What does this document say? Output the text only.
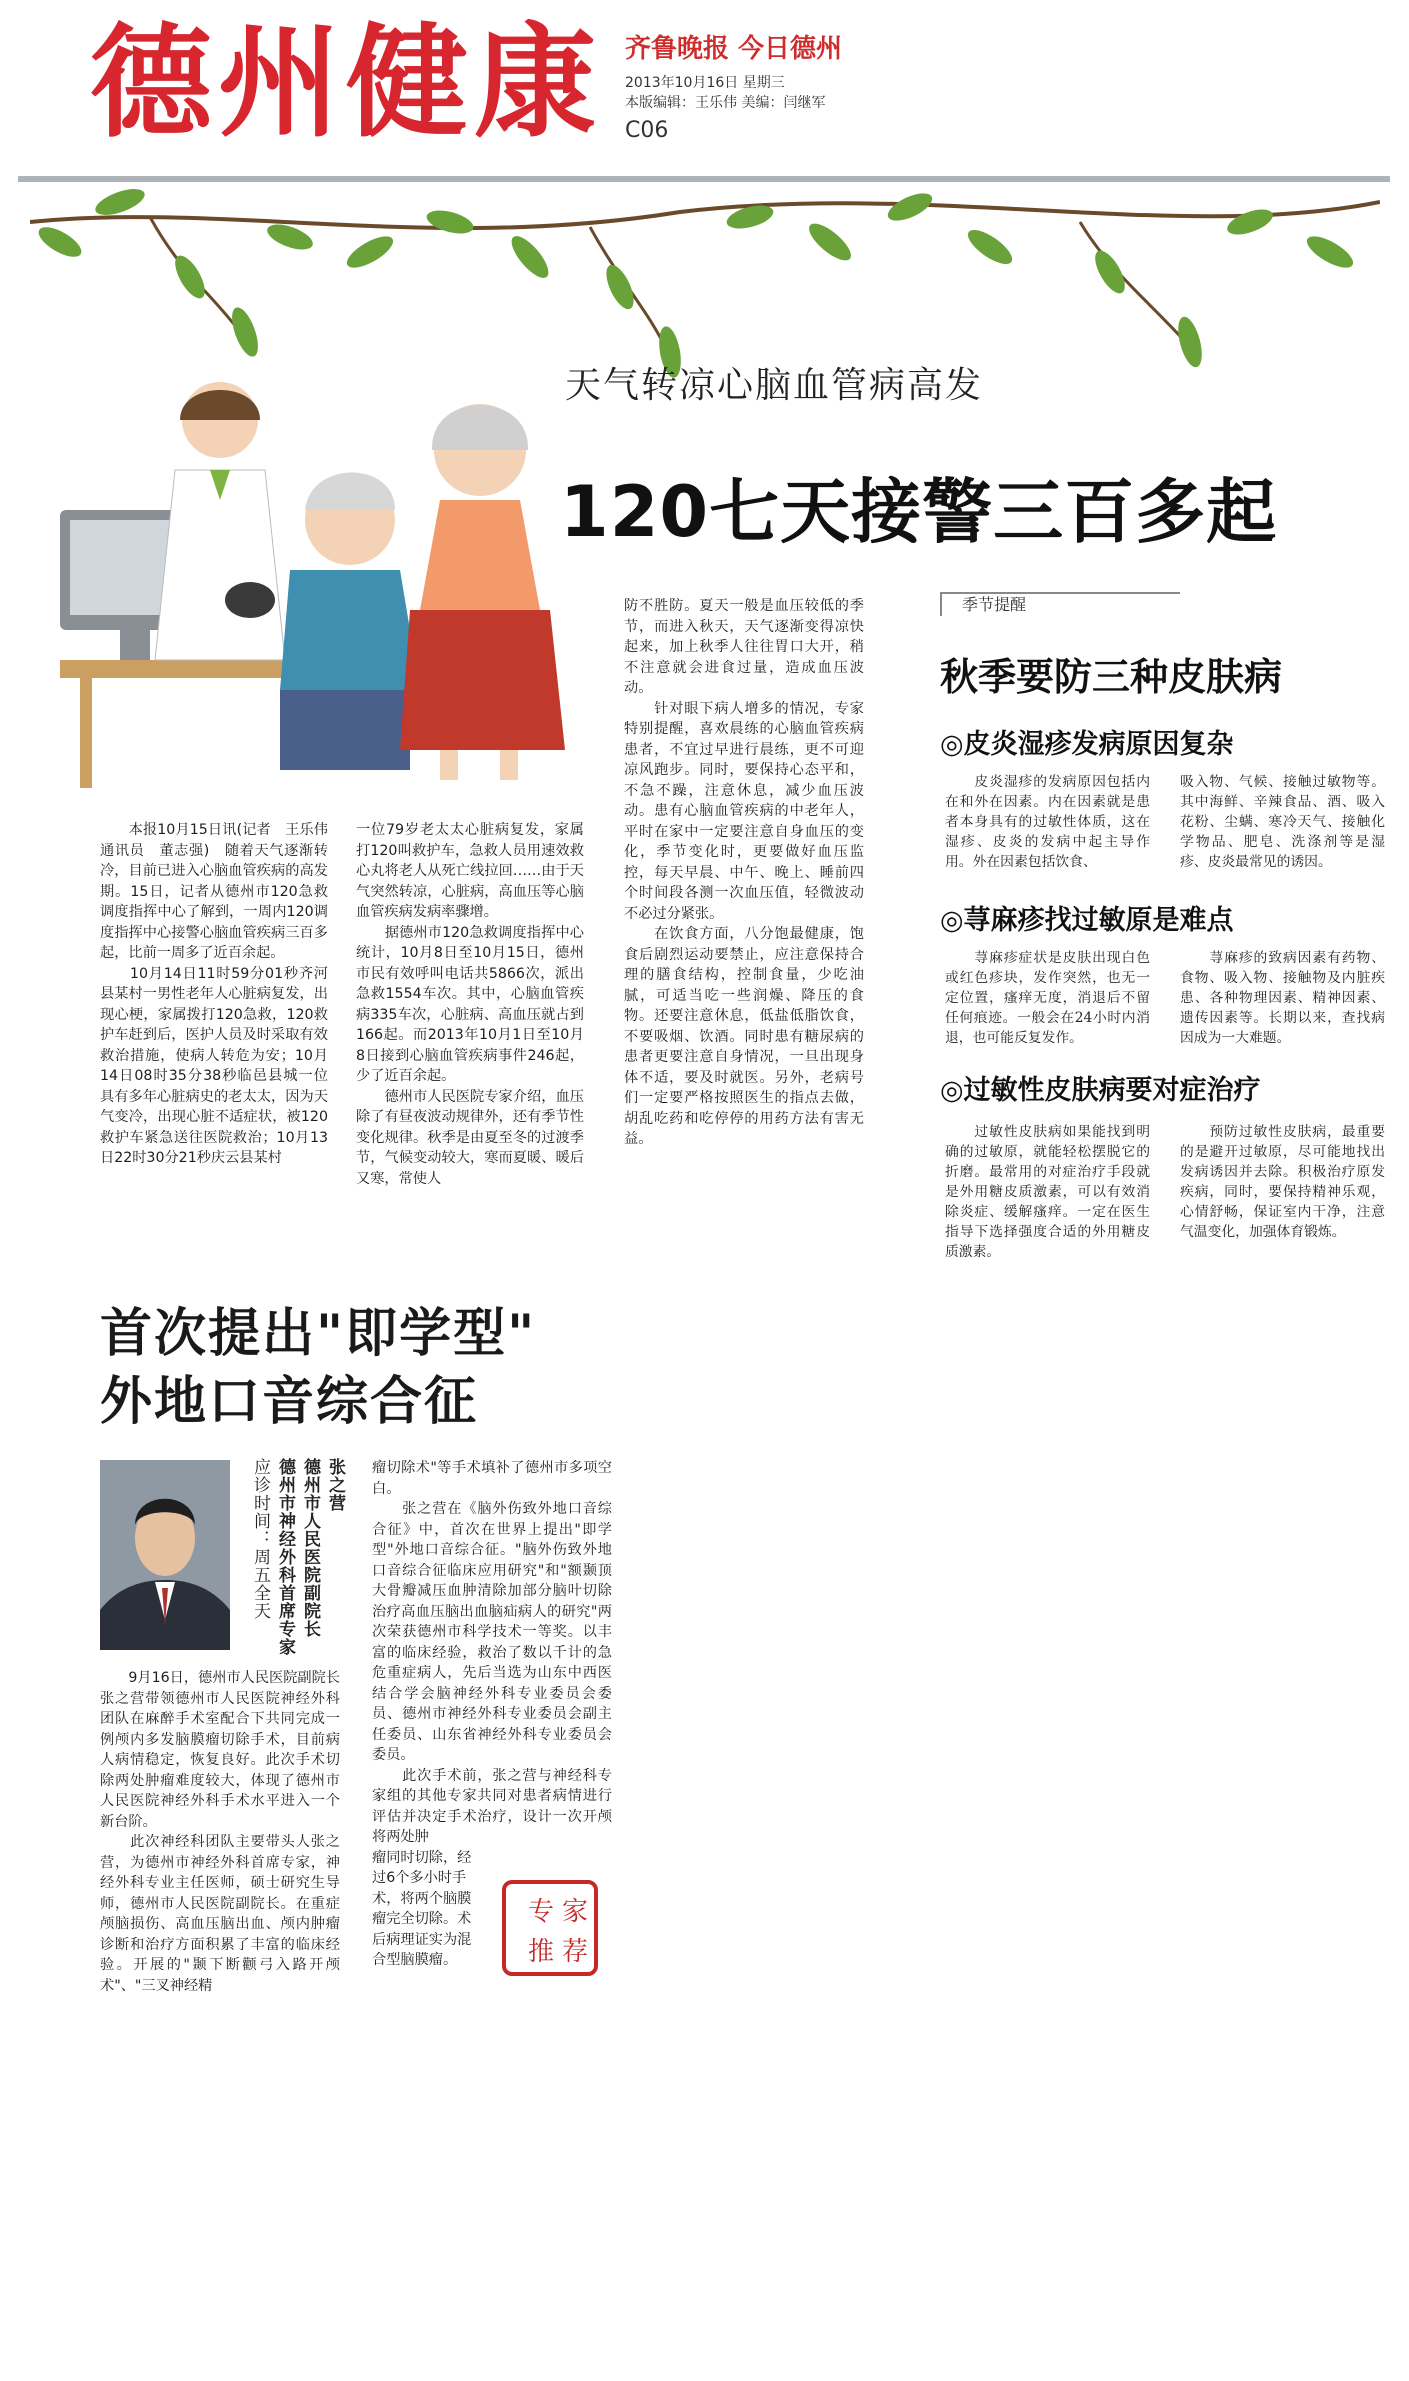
德州健康 齐鲁晚报 今日德州
2013年10月16日 星期三
本版编辑：王乐伟 美编：闫继军
C06
天气转凉心脑血管病高发
120七天接警三百多起
　　本报10月15日讯(记者　王乐伟　通讯员　董志强)　随着天气逐渐转冷，目前已进入心脑血管疾病的高发期。15日，记者从德州市120急救调度指挥中心了解到，一周内120调度指挥中心接警心脑血管疾病三百多起，比前一周多了近百余起。
　　10月14日11时59分01秒齐河县某村一男性老年人心脏病复发，出现心梗，家属拨打120急救，120救护车赶到后，医护人员及时采取有效救治措施，使病人转危为安；10月14日08时35分38秒临邑县城一位具有多年心脏病史的老太太，因为天气变冷，出现心脏不适症状，被120救护车紧急送往医院救治；10月13日22时30分21秒庆云县某村
一位79岁老太太心脏病复发，家属打120叫救护车，急救人员用速效救心丸将老人从死亡线拉回……由于天气突然转凉，心脏病，高血压等心脑血管疾病发病率骤增。
　　据德州市120急救调度指挥中心统计，10月8日至10月15日，德州市民有效呼叫电话共5866次，派出急救1554车次。其中，心脑血管疾病335车次，心脏病、高血压就占到166起。而2013年10月1日至10月8日接到心脑血管疾病事件246起，少了近百余起。
　　德州市人民医院专家介绍，血压除了有昼夜波动规律外，还有季节性变化规律。秋季是由夏至冬的过渡季节，气候变动较大，寒而夏暖、暖后又寒，常使人
防不胜防。夏天一般是血压较低的季节，而进入秋天，天气逐渐变得凉快起来，加上秋季人往往胃口大开，稍不注意就会进食过量，造成血压波动。
　　针对眼下病人增多的情况，专家特别提醒，喜欢晨练的心脑血管疾病患者，不宜过早进行晨练，更不可迎凉风跑步。同时，要保持心态平和，不急不躁，注意休息，减少血压波动。患有心脑血管疾病的中老年人，平时在家中一定要注意自身血压的变化，季节变化时，更要做好血压监控，每天早晨、中午、晚上、睡前四个时间段各测一次血压值，轻微波动不必过分紧张。
　　在饮食方面，八分饱最健康，饱食后剧烈运动要禁止，应注意保持合理的膳食结构，控制食量，少吃油腻，可适当吃一些润燥、降压的食物。还要注意休息，低盐低脂饮食，不要吸烟、饮酒。同时患有糖尿病的患者更要注意自身情况，一旦出现身体不适，要及时就医。另外，老病号们一定要严格按照医生的指点去做，胡乱吃药和吃停停的用药方法有害无益。
季节提醒
秋季要防三种皮肤病
◎皮炎湿疹发病原因复杂
　　皮炎湿疹的发病原因包括内在和外在因素。内在因素就是患者本身具有的过敏性体质，这在湿疹、皮炎的发病中起主导作用。外在因素包括饮食、
吸入物、气候、接触过敏物等。其中海鲜、辛辣食品、酒、吸入花粉、尘螨、寒冷天气、接触化学物品、肥皂、洗涤剂等是湿疹、皮炎最常见的诱因。
◎荨麻疹找过敏原是难点
　　荨麻疹症状是皮肤出现白色或红色疹块，发作突然，也无一定位置，瘙痒无度，消退后不留任何痕迹。一般会在24小时内消退，也可能反复发作。
　　荨麻疹的致病因素有药物、食物、吸入物、接触物及内脏疾患、各种物理因素、精神因素、遗传因素等。长期以来，查找病因成为一大难题。
◎过敏性皮肤病要对症治疗
　　过敏性皮肤病如果能找到明确的过敏原，就能轻松摆脱它的折磨。最常用的对症治疗手段就是外用糖皮质激素，可以有效消除炎症、缓解瘙痒。一定在医生指导下选择强度合适的外用糖皮质激素。
　　预防过敏性皮肤病，最重要的是避开过敏原，尽可能地找出发病诱因并去除。积极治疗原发疾病，同时，要保持精神乐观，心情舒畅，保证室内干净，注意气温变化，加强体育锻炼。
首次提出"即学型"
外地口音综合征
张之营
德州市人民医院副院长
德州市神经外科首席专家
应诊时间：周五全天
　　9月16日，德州市人民医院副院长张之营带领德州市人民医院神经外科团队在麻醉手术室配合下共同完成一例颅内多发脑膜瘤切除手术，目前病人病情稳定，恢复良好。此次手术切除两处肿瘤难度较大，体现了德州市人民医院神经外科手术水平进入一个新台阶。
　　此次神经科团队主要带头人张之营，为德州市神经外科首席专家，神经外科专业主任医师，硕士研究生导师，德州市人民医院副院长。在重症颅脑损伤、高血压脑出血、颅内肿瘤诊断和治疗方面积累了丰富的临床经验。开展的"颞下断颧弓入路开颅术"、"三叉神经精
瘤切除术"等手术填补了德州市多项空白。
　　张之营在《脑外伤致外地口音综合征》中，首次在世界上提出"即学型"外地口音综合征。"脑外伤致外地口音综合征临床应用研究"和"额颞顶大骨瓣减压血肿清除加部分脑叶切除治疗高血压脑出血脑疝病人的研究"两次荣获德州市科学技术一等奖。以丰富的临床经验，救治了数以千计的急危重症病人，先后当选为山东中西医结合学会脑神经外科专业委员会委员、德州市神经外科专业委员会副主任委员、山东省神经外科专业委员会委员。
　　此次手术前，张之营与神经科专家组的其他专家共同对患者病情进行评估并决定手术治疗，设计一次开颅将两处肿
瘤同时切除，经
过6个多小时手
术，将两个脑膜
瘤完全切除。术
后病理证实为混
合型脑膜瘤。
专 家
推 荐
